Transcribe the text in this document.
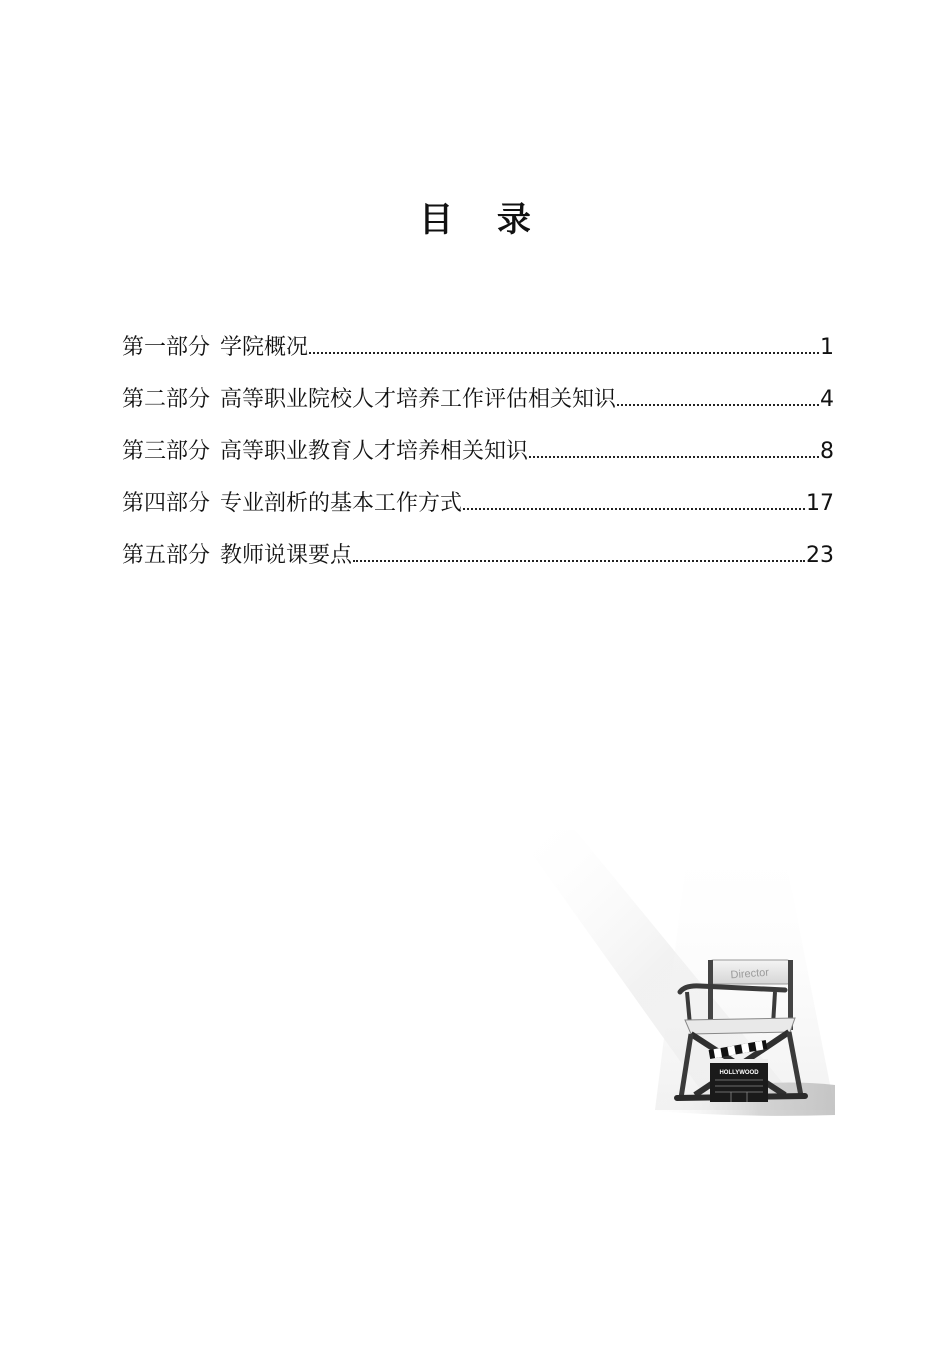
目 录
第一部分 学院概况	1
第二部分 高等职业院校人才培养工作评估相关知识	4
第三部分 高等职业教育人才培养相关知识	8
第四部分 专业剖析的基本工作方式	17
第五部分 教师说课要点	23
Director
HOLLYWOOD
